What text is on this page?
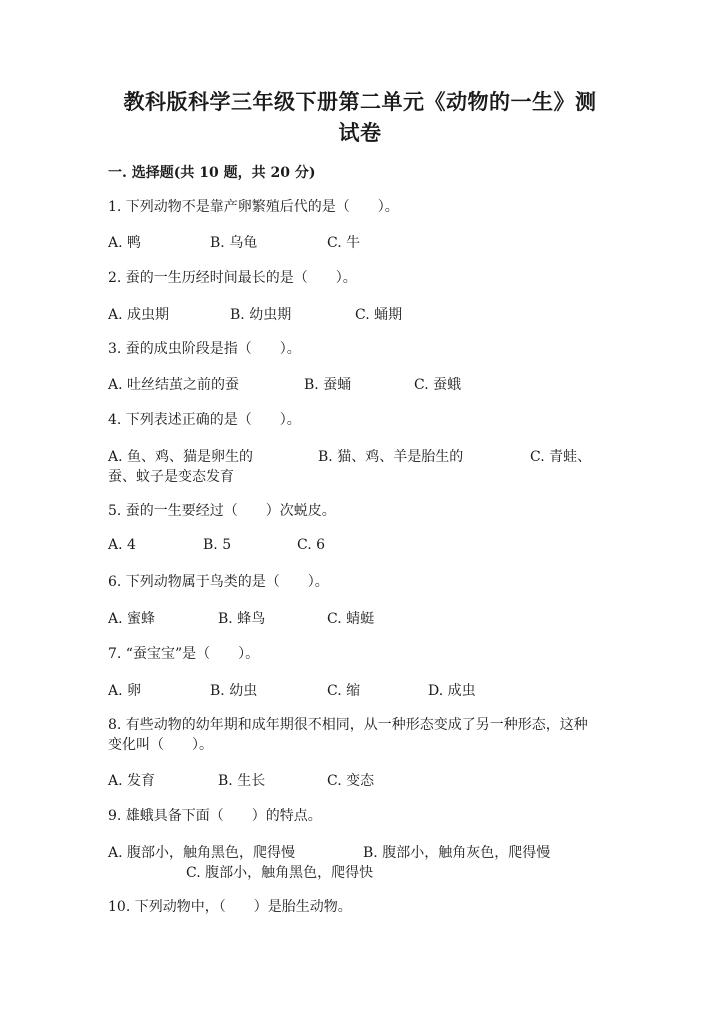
教科版科学三年级下册第二单元《动物的一生》测
试卷
一. 选择题(共 10 题，共 20 分)
1. 下列动物不是靠产卵繁殖后代的是（　　）。
A. 鸭	B. 乌龟	C. 牛
2. 蚕的一生历经时间最长的是（　　）。
A. 成虫期	B. 幼虫期	C. 蛹期
3. 蚕的成虫阶段是指（　　）。
A. 吐丝结茧之前的蚕	B. 蚕蛹	C. 蚕蛾
4. 下列表述正确的是（　　）。
A. 鱼、鸡、猫是卵生的	B. 猫、鸡、羊是胎生的	C. 青蛙、
蚕、蚊子是变态发育
5. 蚕的一生要经过（　　）次蜕皮。
A. 4	B. 5	C. 6
6. 下列动物属于鸟类的是（　　）。
A. 蜜蜂	B. 蜂鸟	C. 蜻蜓
7. “蚕宝宝”是（　　）。
A. 卵	B. 幼虫	C. 缩	D. 成虫
8. 有些动物的幼年期和成年期很不相同，从一种形态变成了另一种形态，这种
变化叫（　　）。
A. 发育	B. 生长	C. 变态
9. 雄蛾具备下面（　　）的特点。
A. 腹部小，触角黑色，爬得慢	B. 腹部小，触角灰色，爬得慢
C. 腹部小，触角黑色，爬得快
10. 下列动物中，（　　）是胎生动物。
